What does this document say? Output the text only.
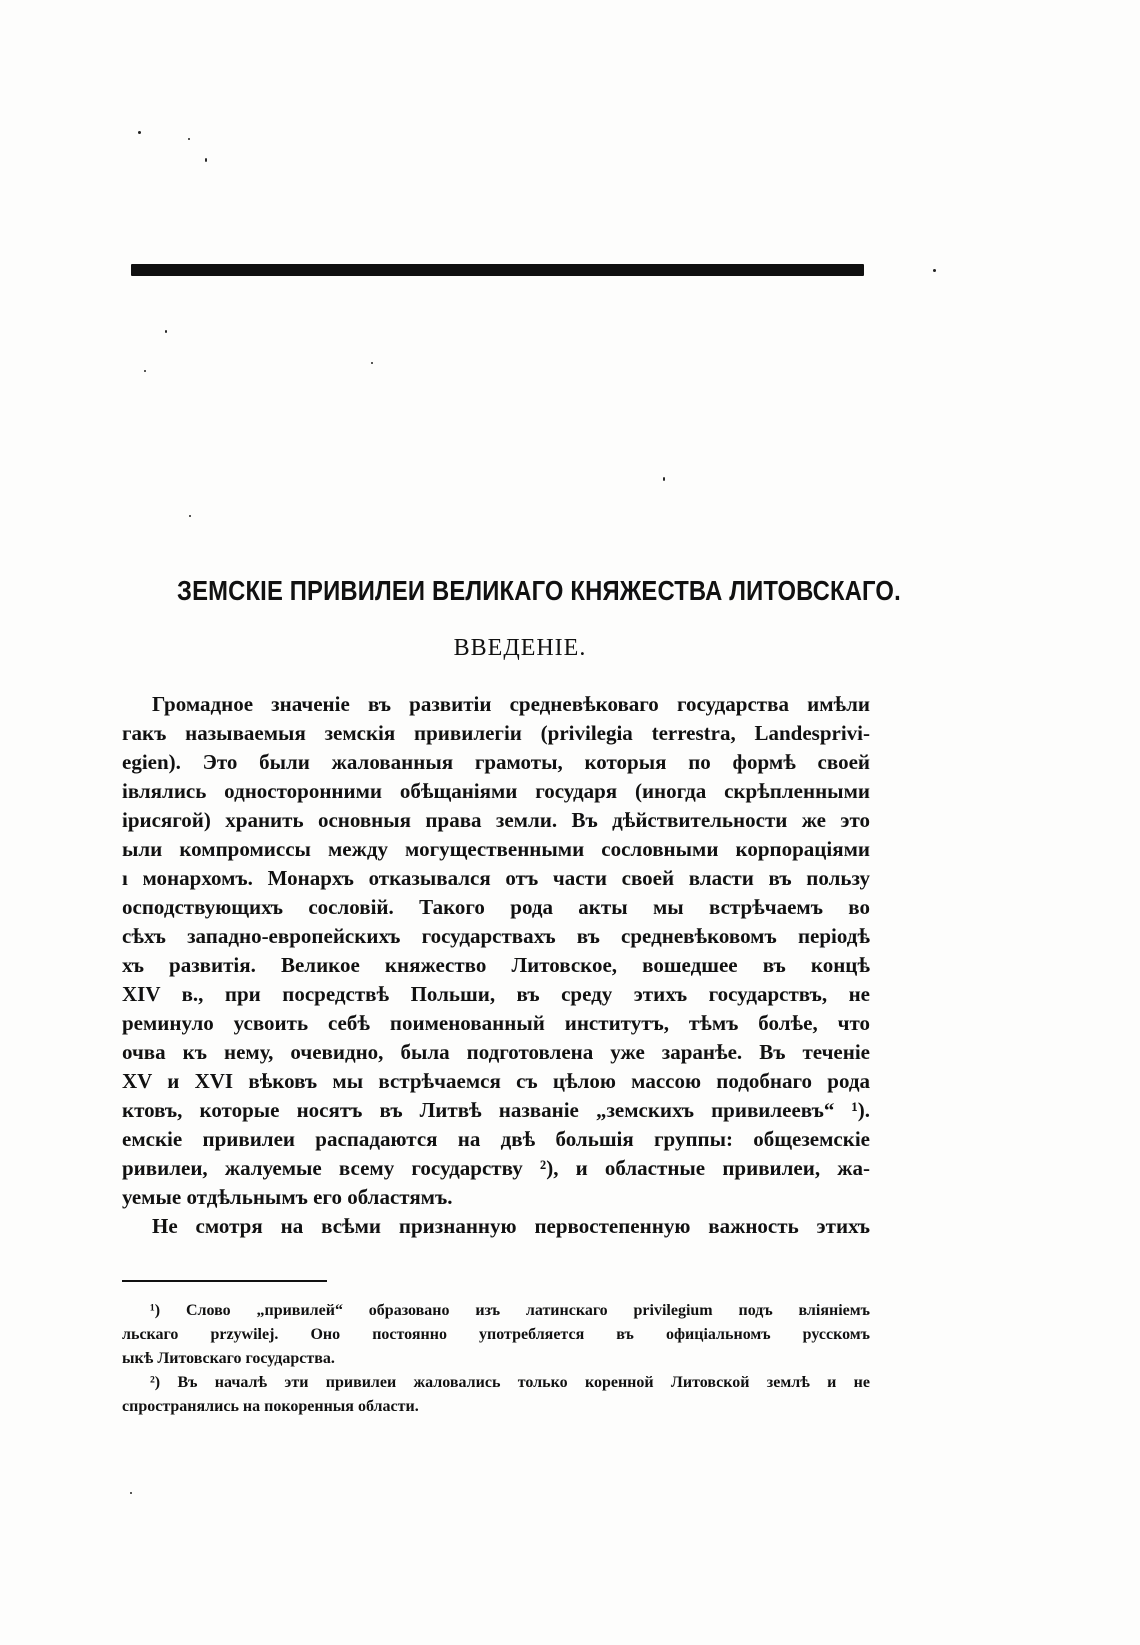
ЗЕМСКІЕ ПРИВИЛЕИ ВЕЛИКАГО КНЯЖЕСТВА ЛИТОВСКАГО.
ВВЕДЕНІЕ.
Громадное значеніе въ развитіи средневѣковаго государства имѣли
гакъ называемыя земскія привилегіи (privilegia terrestra, Landesprivi-
egien). Это были жалованныя грамоты, которыя по формѣ своей
івлялись односторонними обѣщаніями государя (иногда скрѣпленными
ірисягой) хранить основныя права земли. Въ дѣйствительности же это
ыли компромиссы между могущественными сословными корпораціями
ı монархомъ. Монархъ отказывался отъ части своей власти въ пользу
осподствующихъ сословій. Такого рода акты мы встрѣчаемъ во
сѣхъ западно-европейскихъ государствахъ въ средневѣковомъ періодѣ
хъ развитія. Великое княжество Литовское, вошедшее въ концѣ
ΧIV в., при посредствѣ Польши, въ среду этихъ государствъ, не
реминуло усвоить себѣ поименованный институтъ, тѣмъ болѣе, что
очва къ нему, очевидно, была подготовлена уже заранѣе. Въ теченіе
ΧV и XVI вѣковъ мы встрѣчаемся съ цѣлою массою подобнаго рода
ктовъ, которые носятъ въ Литвѣ названіе „земскихъ привилеевъ“ ¹).
емскіе привилеи распадаются на двѣ большія группы: общеземскіе
ривилеи, жалуемые всему государству ²), и областные привилеи, жа-
уемые отдѣльнымъ его областямъ.
Не смотря на всѣми признанную первостепенную важность этихъ
¹) Слово „привилей“ образовано изъ латинскаго privilegium подъ вліяніемъ
льскаго przywilej. Оно постоянно употребляется въ офиціальномъ русскомъ
ыкѣ Литовскаго государства.
²) Въ началѣ эти привилеи жаловались только коренной Литовской землѣ и не
спространялись на покоренныя области.
